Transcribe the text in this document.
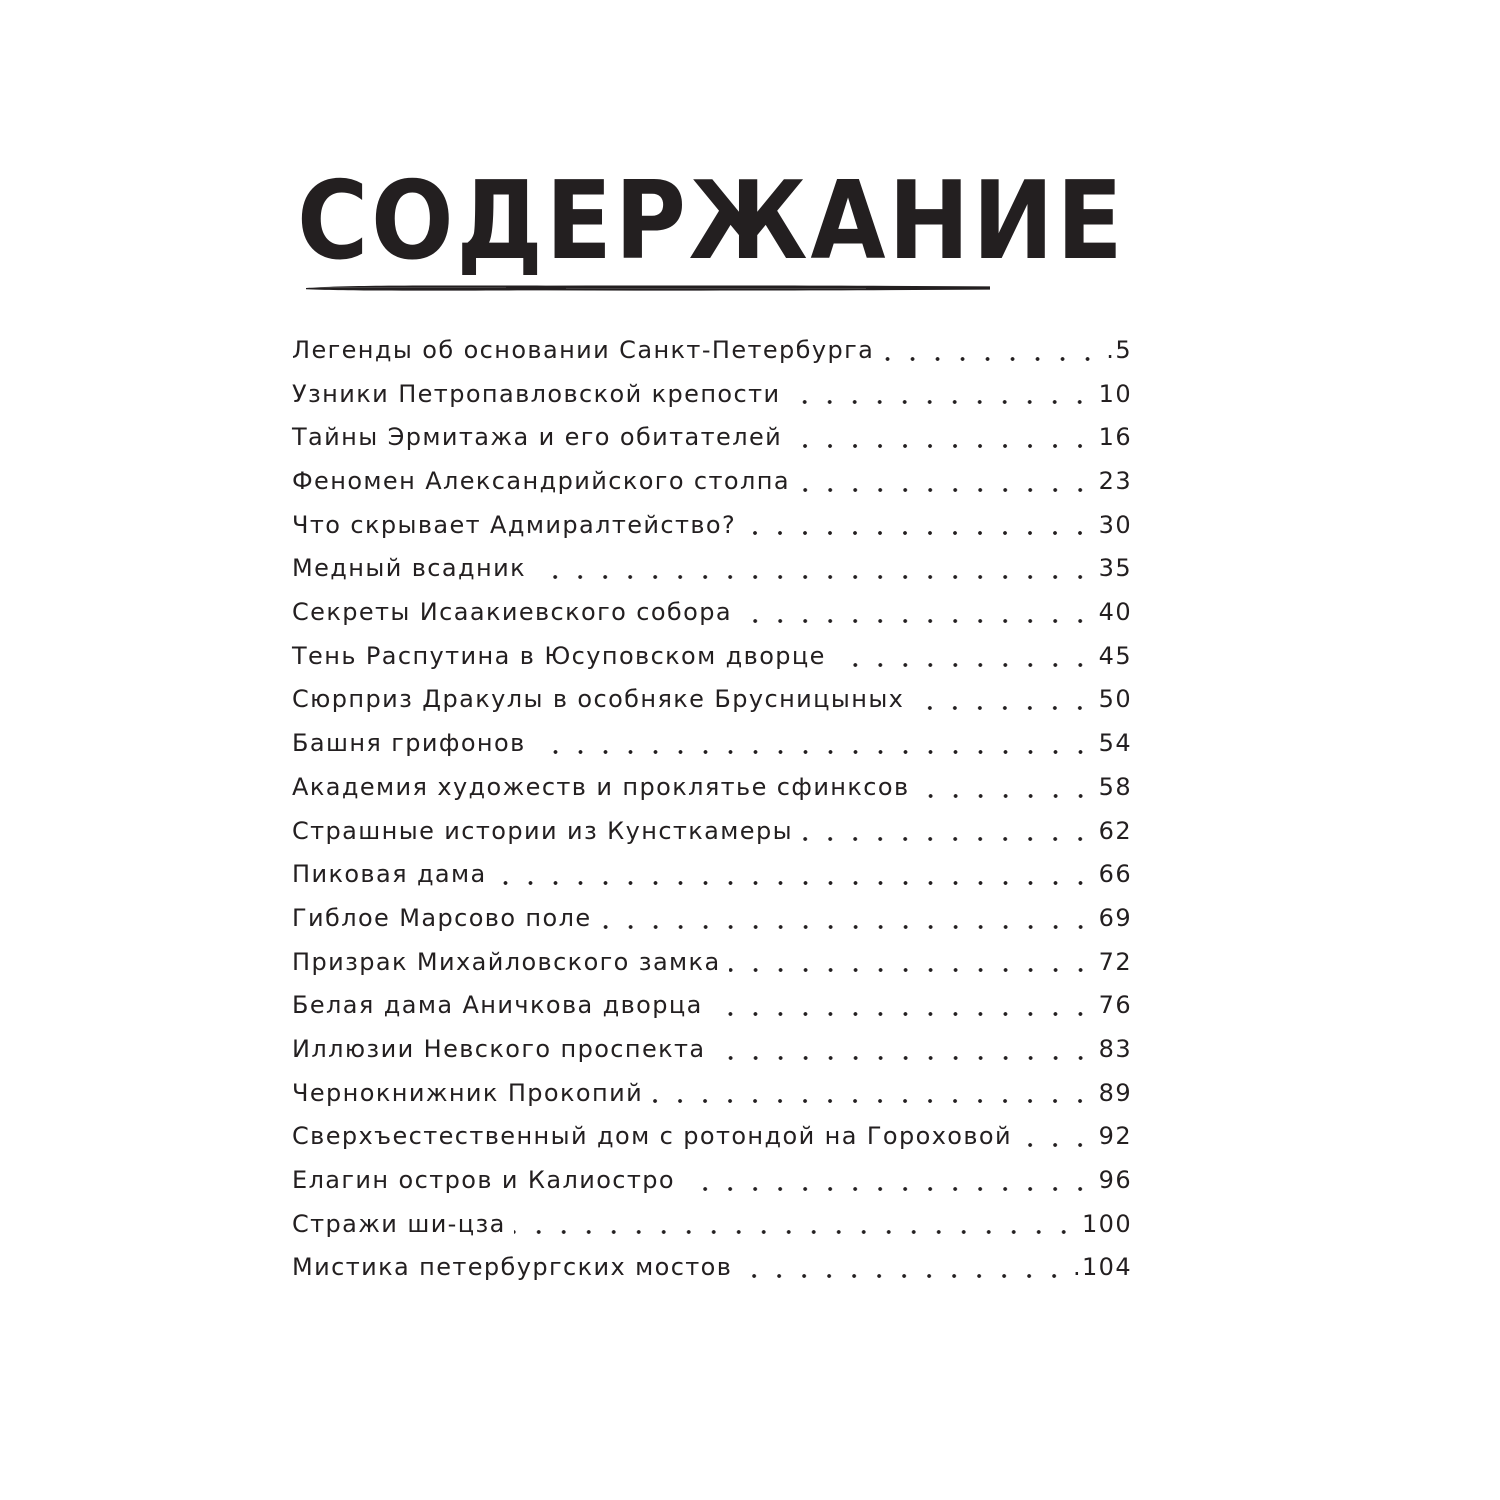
СОДЕРЖАНИЕ
Легенды об основании Санкт-Петербурга	.5
Узники Петропавловской крепости	10
Тайны Эрмитажа и его обитателей	16
Феномен Александрийского столпа	23
Что скрывает Адмиралтейство?	30
Медный всадник	35
Секреты Исаакиевского собора	40
Тень Распутина в Юсуповском дворце	45
Сюрприз Дракулы в особняке Брусницыных	50
Башня грифонов	54
Академия художеств и проклятье сфинксов	58
Страшные истории из Кунсткамеры	62
Пиковая дама	66
Гиблое Марсово поле	69
Призрак Михайловского замка	72
Белая дама Аничкова дворца	76
Иллюзии Невского проспекта	83
Чернокнижник Прокопий	89
Сверхъестественный дом с ротондой на Гороховой	92
Елагин остров и Калиостро	96
Стражи ши-цза	100
Мистика петербургских мостов	.104
